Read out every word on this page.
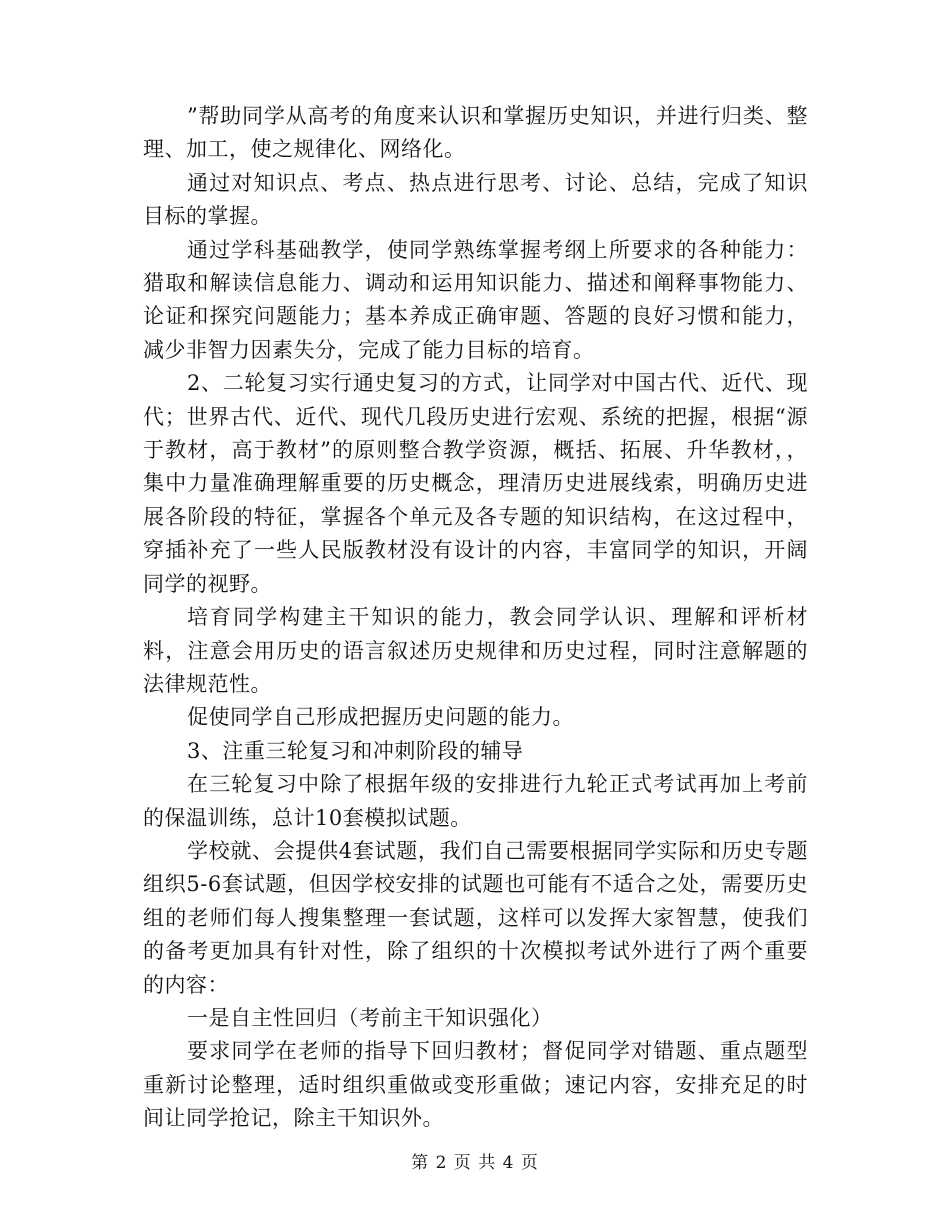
”帮助同学从高考的角度来认识和掌握历史知识，并进行归类、整理、加工，使之规律化、网络化。

通过对知识点、考点、热点进行思考、讨论、总结，完成了知识目标的掌握。

通过学科基础教学，使同学熟练掌握考纲上所要求的各种能力：猎取和解读信息能力、调动和运用知识能力、描述和阐释事物能力、论证和探究问题能力；基本养成正确审题、答题的良好习惯和能力，减少非智力因素失分，完成了能力目标的培育。

2、二轮复习实行通史复习的方式，让同学对中国古代、近代、现代；世界古代、近代、现代几段历史进行宏观、系统的把握，根据“源于教材，高于教材”的原则整合教学资源，概括、拓展、升华教材，，集中力量准确理解重要的历史概念，理清历史进展线索，明确历史进展各阶段的特征，掌握各个单元及各专题的知识结构，在这过程中，穿插补充了一些人民版教材没有设计的内容，丰富同学的知识，开阔同学的视野。

培育同学构建主干知识的能力，教会同学认识、理解和评析材料，注意会用历史的语言叙述历史规律和历史过程，同时注意解题的法律规范性。

促使同学自己形成把握历史问题的能力。

3、注重三轮复习和冲刺阶段的辅导

在三轮复习中除了根据年级的安排进行九轮正式考试再加上考前的保温训练，总计10套模拟试题。

学校就、会提供4套试题，我们自己需要根据同学实际和历史专题组织5-6套试题，但因学校安排的试题也可能有不适合之处，需要历史组的老师们每人搜集整理一套试题，这样可以发挥大家智慧，使我们的备考更加具有针对性，除了组织的十次模拟考试外进行了两个重要的内容：

一是自主性回归（考前主干知识强化）

要求同学在老师的指导下回归教材；督促同学对错题、重点题型重新讨论整理，适时组织重做或变形重做；速记内容，安排充足的时间让同学抢记，除主干知识外。

第 2 页 共 4 页
